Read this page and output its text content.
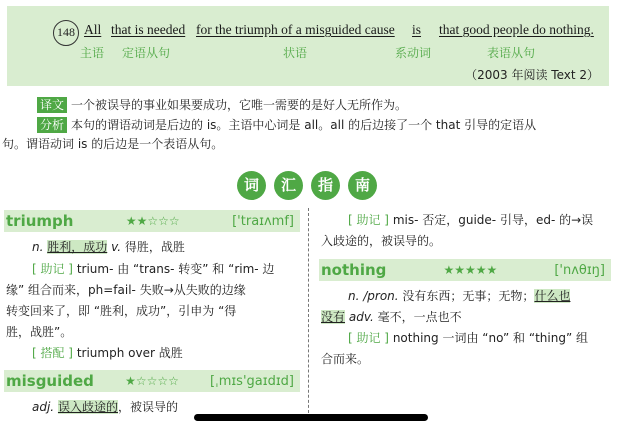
148 All that is needed for the triumph of a misguided cause is that good people do nothing.
主语 定语从句	状语	系动词	表语从句
（2003 年阅读 Text 2）
译文 一个被误导的事业如果要成功，它唯一需要的是好人无所作为。
分析 本句的谓语动词是后边的 is。主语中心词是 all。all 的后边接了一个 that 引导的定语从
句。谓语动词 is 的后边是一个表语从句。
词	汇	指	南
triumph	★★☆☆☆	['traɪʌmf]
n. 胜利，成功 v. 得胜，战胜
[ 助记 ] trium- 由 “trans- 转变” 和 “rim- 边
缘” 组合而来，ph=fail- 失败→从失败的边缘
转变回来了，即 “胜利，成功”，引申为 “得
胜，战胜”。
[ 搭配 ] triumph over 战胜
misguided	★☆☆☆☆ [ˌmɪs'gaɪdɪd]
adj. 误入歧途的，被误导的
[ 助记 ] mis- 否定，guide- 引导，ed- 的→误
入歧途的，被误导的。
nothing	★★★★★	['nʌθɪŋ]
n. /pron. 没有东西；无事；无物；什么也
没有 adv. 毫不，一点也不
[ 助记 ] nothing 一词由 “no” 和 “thing” 组
合而来。
